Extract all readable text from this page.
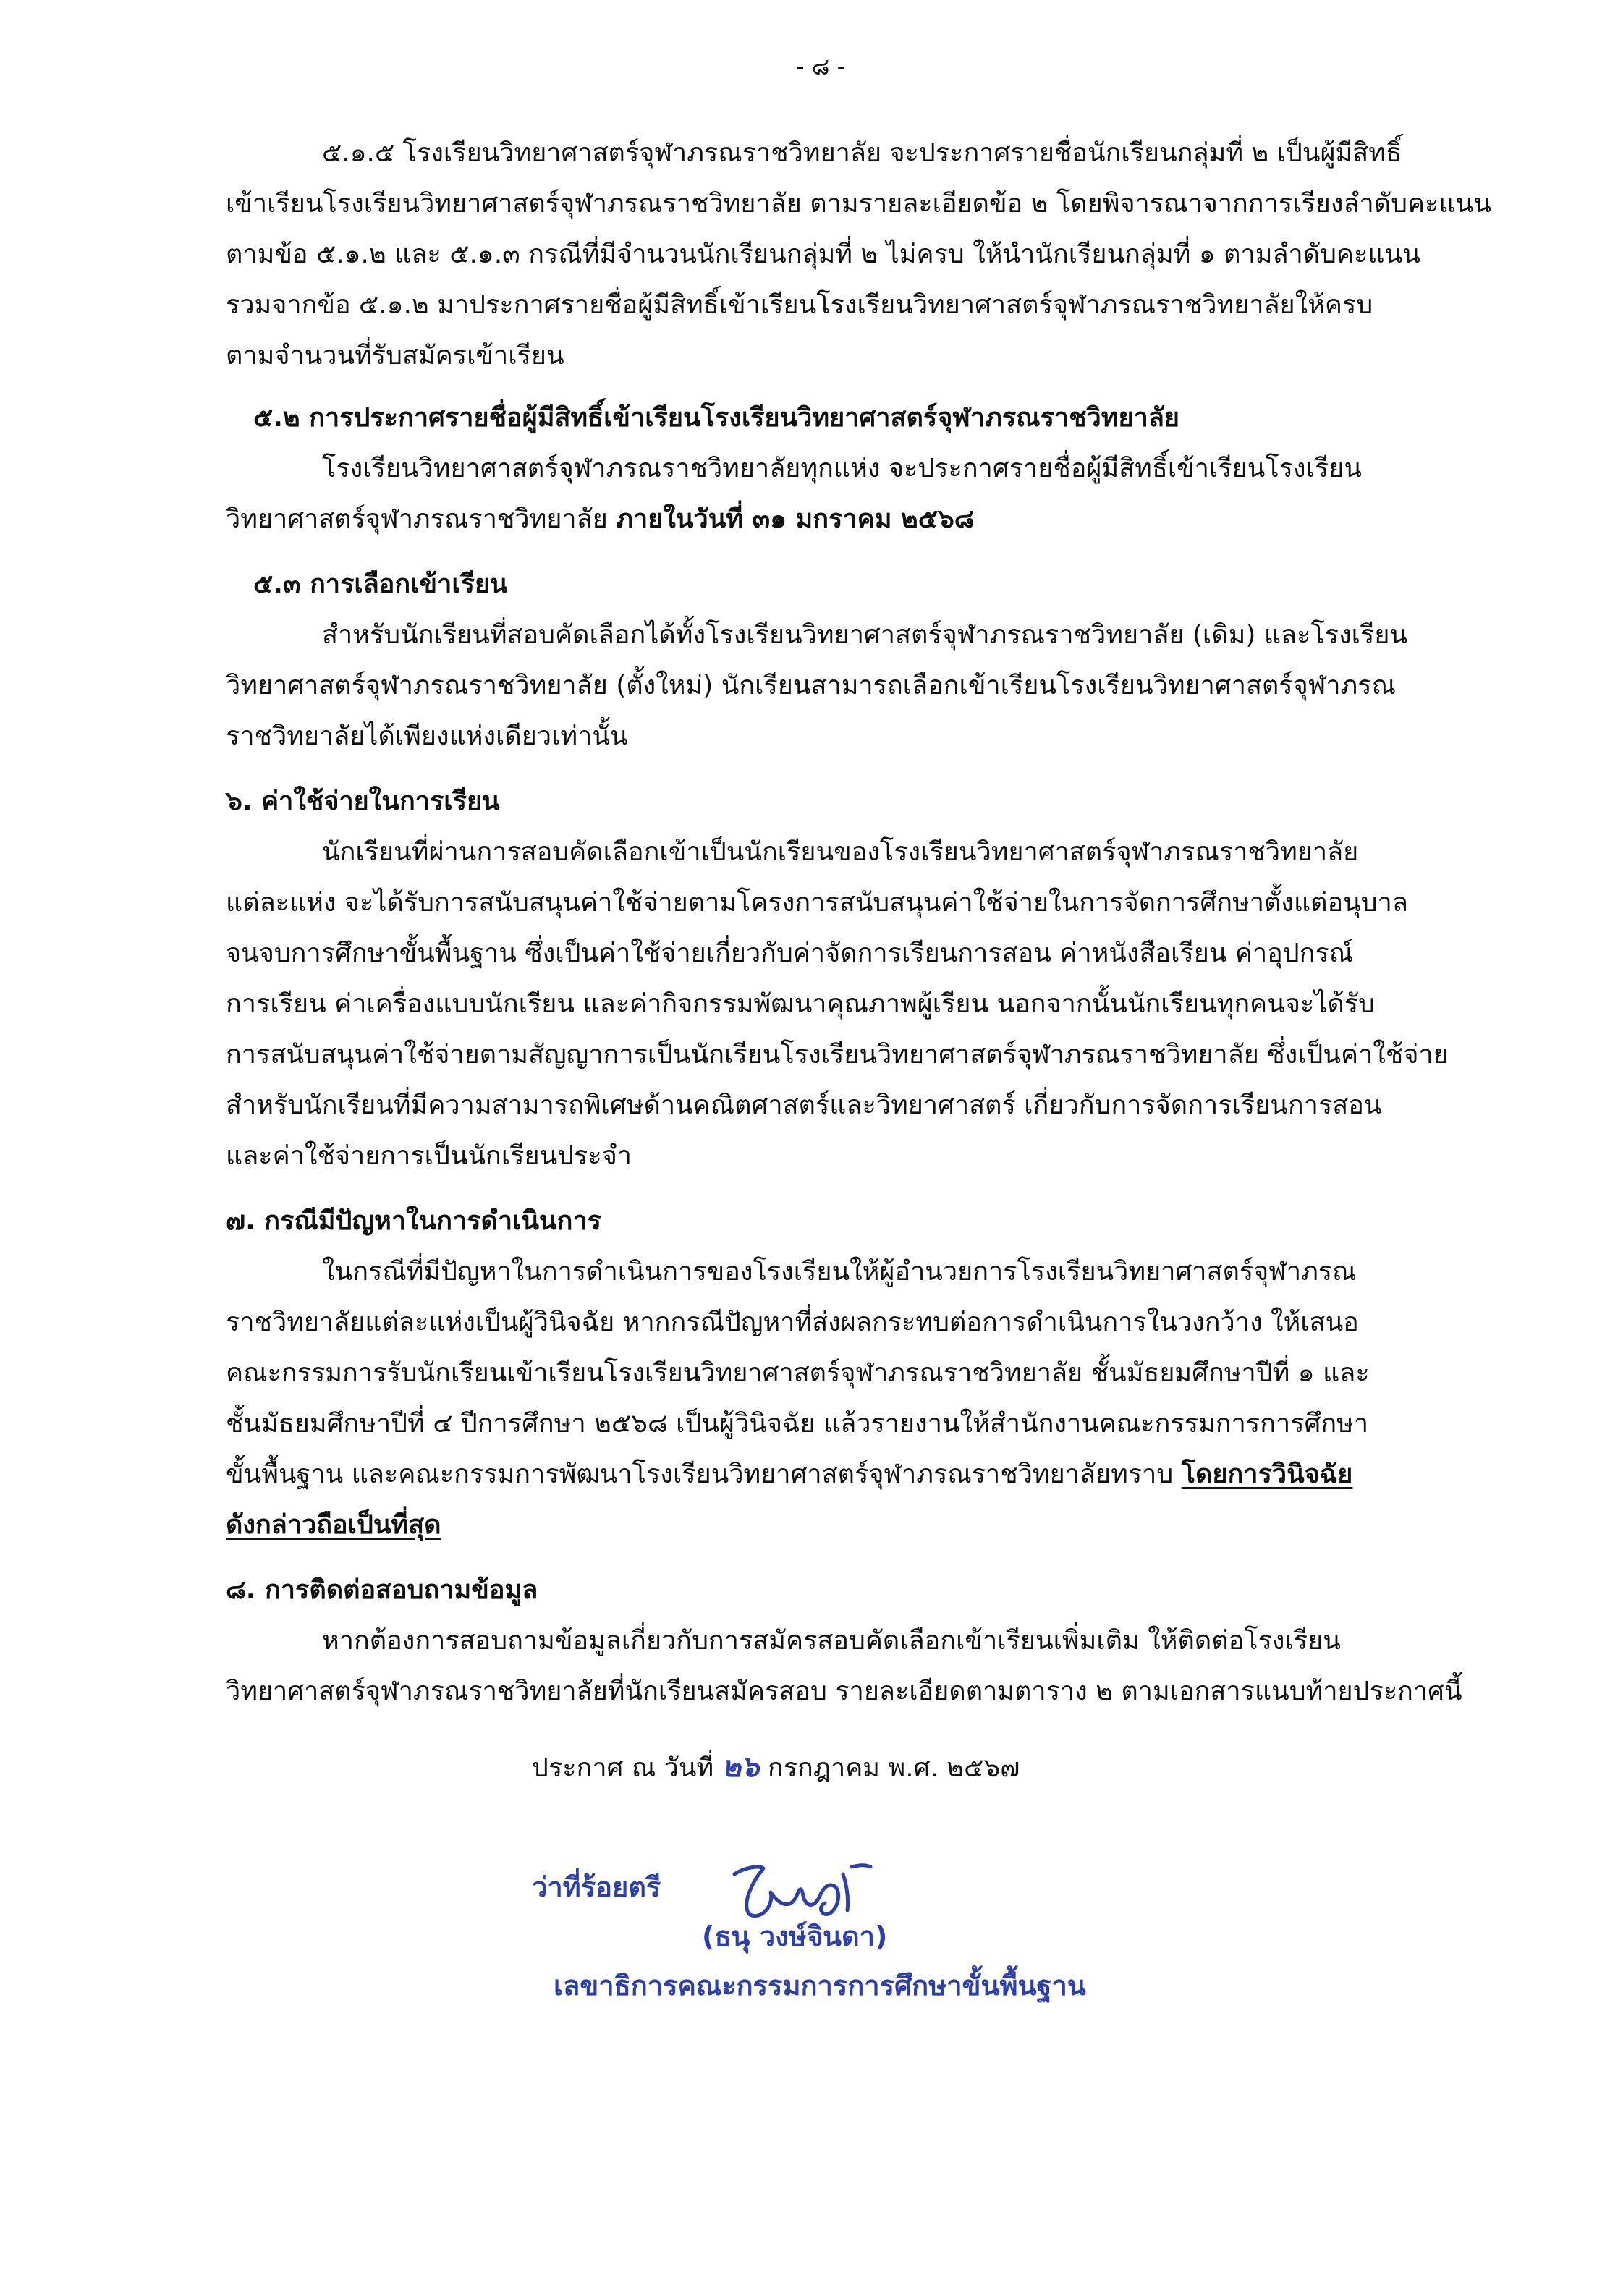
- ๘ -
๕.๑.๕ โรงเรียนวิทยาศาสตร์จุฬาภรณราชวิทยาลัย จะประกาศรายชื่อนักเรียนกลุ่มที่ ๒ เป็นผู้มีสิทธิ์
เข้าเรียนโรงเรียนวิทยาศาสตร์จุฬาภรณราชวิทยาลัย ตามรายละเอียดข้อ ๒ โดยพิจารณาจากการเรียงลำดับคะแนน
ตามข้อ ๕.๑.๒ และ ๕.๑.๓ กรณีที่มีจำนวนนักเรียนกลุ่มที่ ๒ ไม่ครบ ให้นำนักเรียนกลุ่มที่ ๑ ตามลำดับคะแนน
รวมจากข้อ ๕.๑.๒ มาประกาศรายชื่อผู้มีสิทธิ์เข้าเรียนโรงเรียนวิทยาศาสตร์จุฬาภรณราชวิทยาลัยให้ครบ
ตามจำนวนที่รับสมัครเข้าเรียน
๕.๒ การประกาศรายชื่อผู้มีสิทธิ์เข้าเรียนโรงเรียนวิทยาศาสตร์จุฬาภรณราชวิทยาลัย
โรงเรียนวิทยาศาสตร์จุฬาภรณราชวิทยาลัยทุกแห่ง จะประกาศรายชื่อผู้มีสิทธิ์เข้าเรียนโรงเรียน
วิทยาศาสตร์จุฬาภรณราชวิทยาลัย ภายในวันที่ ๓๑ มกราคม ๒๕๖๘
๕.๓ การเลือกเข้าเรียน
สำหรับนักเรียนที่สอบคัดเลือกได้ทั้งโรงเรียนวิทยาศาสตร์จุฬาภรณราชวิทยาลัย (เดิม) และโรงเรียน
วิทยาศาสตร์จุฬาภรณราชวิทยาลัย (ตั้งใหม่) นักเรียนสามารถเลือกเข้าเรียนโรงเรียนวิทยาศาสตร์จุฬาภรณ
ราชวิทยาลัยได้เพียงแห่งเดียวเท่านั้น
๖. ค่าใช้จ่ายในการเรียน
นักเรียนที่ผ่านการสอบคัดเลือกเข้าเป็นนักเรียนของโรงเรียนวิทยาศาสตร์จุฬาภรณราชวิทยาลัย
แต่ละแห่ง จะได้รับการสนับสนุนค่าใช้จ่ายตามโครงการสนับสนุนค่าใช้จ่ายในการจัดการศึกษาตั้งแต่อนุบาล
จนจบการศึกษาขั้นพื้นฐาน ซึ่งเป็นค่าใช้จ่ายเกี่ยวกับค่าจัดการเรียนการสอน ค่าหนังสือเรียน ค่าอุปกรณ์
การเรียน ค่าเครื่องแบบนักเรียน และค่ากิจกรรมพัฒนาคุณภาพผู้เรียน นอกจากนั้นนักเรียนทุกคนจะได้รับ
การสนับสนุนค่าใช้จ่ายตามสัญญาการเป็นนักเรียนโรงเรียนวิทยาศาสตร์จุฬาภรณราชวิทยาลัย ซึ่งเป็นค่าใช้จ่าย
สำหรับนักเรียนที่มีความสามารถพิเศษด้านคณิตศาสตร์และวิทยาศาสตร์ เกี่ยวกับการจัดการเรียนการสอน
และค่าใช้จ่ายการเป็นนักเรียนประจำ
๗. กรณีมีปัญหาในการดำเนินการ
ในกรณีที่มีปัญหาในการดำเนินการของโรงเรียนให้ผู้อำนวยการโรงเรียนวิทยาศาสตร์จุฬาภรณ
ราชวิทยาลัยแต่ละแห่งเป็นผู้วินิจฉัย หากกรณีปัญหาที่ส่งผลกระทบต่อการดำเนินการในวงกว้าง ให้เสนอ
คณะกรรมการรับนักเรียนเข้าเรียนโรงเรียนวิทยาศาสตร์จุฬาภรณราชวิทยาลัย ชั้นมัธยมศึกษาปีที่ ๑ และ
ชั้นมัธยมศึกษาปีที่ ๔ ปีการศึกษา ๒๕๖๘ เป็นผู้วินิจฉัย แล้วรายงานให้สำนักงานคณะกรรมการการศึกษา
ขั้นพื้นฐาน และคณะกรรมการพัฒนาโรงเรียนวิทยาศาสตร์จุฬาภรณราชวิทยาลัยทราบ โดยการวินิจฉัย
ดังกล่าวถือเป็นที่สุด
๘. การติดต่อสอบถามข้อมูล
หากต้องการสอบถามข้อมูลเกี่ยวกับการสมัครสอบคัดเลือกเข้าเรียนเพิ่มเติม ให้ติดต่อโรงเรียน
วิทยาศาสตร์จุฬาภรณราชวิทยาลัยที่นักเรียนสมัครสอบ รายละเอียดตามตาราง ๒ ตามเอกสารแนบท้ายประกาศนี้
ประกาศ ณ วันที่ ๒๖ กรกฎาคม พ.ศ. ๒๕๖๗
ว่าที่ร้อยตรี
(ธนุ วงษ์จินดา)
เลขาธิการคณะกรรมการการศึกษาขั้นพื้นฐาน
